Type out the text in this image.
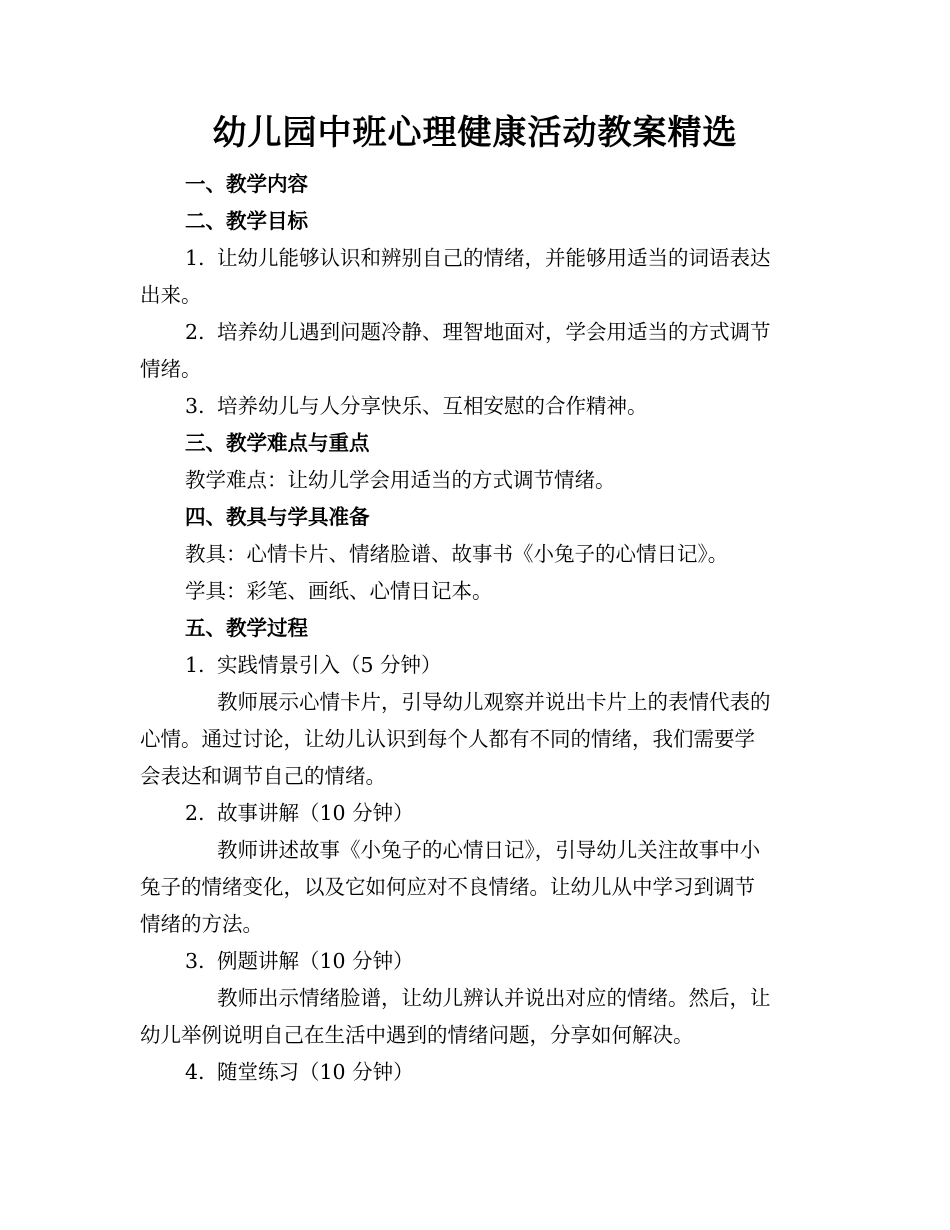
幼儿园中班心理健康活动教案精选
一、教学内容
二、教学目标
1. 让幼儿能够认识和辨别自己的情绪，并能够用适当的词语表达
出来。
2. 培养幼儿遇到问题冷静、理智地面对，学会用适当的方式调节
情绪。
3. 培养幼儿与人分享快乐、互相安慰的合作精神。
三、教学难点与重点
教学难点：让幼儿学会用适当的方式调节情绪。
四、教具与学具准备
教具：心情卡片、情绪脸谱、故事书《小兔子的心情日记》。
学具：彩笔、画纸、心情日记本。
五、教学过程
1. 实践情景引入（5 分钟）
教师展示心情卡片，引导幼儿观察并说出卡片上的表情代表的
心情。通过讨论，让幼儿认识到每个人都有不同的情绪，我们需要学
会表达和调节自己的情绪。
2. 故事讲解（10 分钟）
教师讲述故事《小兔子的心情日记》，引导幼儿关注故事中小
兔子的情绪变化，以及它如何应对不良情绪。让幼儿从中学习到调节
情绪的方法。
3. 例题讲解（10 分钟）
教师出示情绪脸谱，让幼儿辨认并说出对应的情绪。然后，让
幼儿举例说明自己在生活中遇到的情绪问题，分享如何解决。
4. 随堂练习（10 分钟）
